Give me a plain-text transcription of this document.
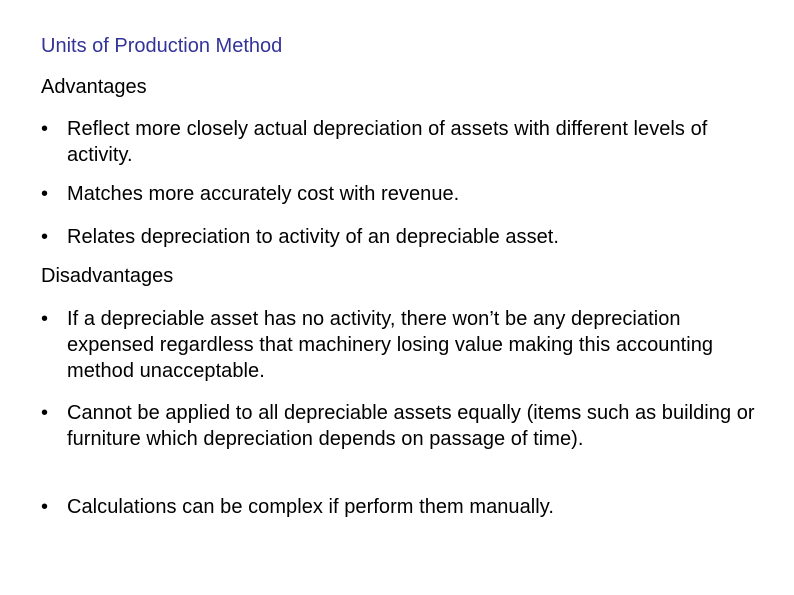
Units of Production Method
Advantages
• Reflect more closely actual depreciation of assets with different levels of activity.
• Matches more accurately cost with revenue.
• Relates depreciation to activity of an depreciable asset.
Disadvantages
• If a depreciable asset has no activity, there won’t be any depreciation expensed regardless that machinery losing value making this accounting method unacceptable.
• Cannot be applied to all depreciable assets equally (items such as building or furniture which depreciation depends on passage of time).
• Calculations can be complex if perform them manually.
